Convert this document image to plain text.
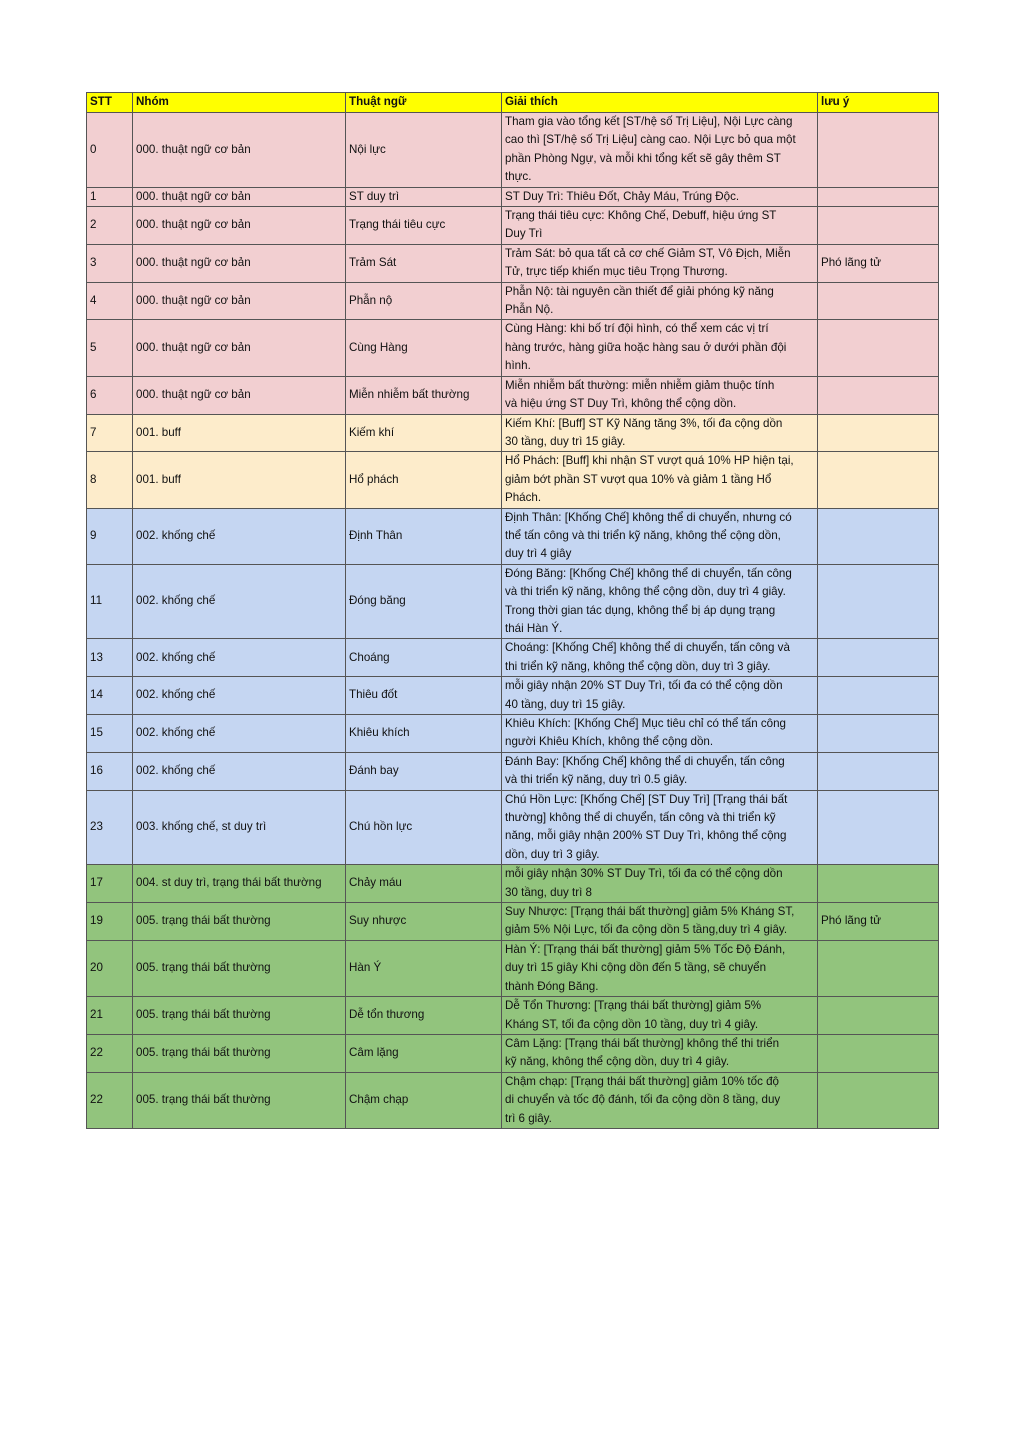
STT	Nhóm	Thuật ngữ	Giải thích	lưu ý
0	000. thuật ngữ cơ bản	Nội lực	Tham gia vào tổng kết [ST/hệ số Trị Liệu], Nội Lực càng
cao thì [ST/hệ số Trị Liệu] càng cao. Nội Lực bỏ qua một
phần Phòng Ngự, và mỗi khi tổng kết sẽ gây thêm ST
thực.	

1	000. thuật ngữ cơ bản	ST duy trì	ST Duy Trì: Thiêu Đốt, Chảy Máu, Trúng Độc.	

2	000. thuật ngữ cơ bản	Trạng thái tiêu cực	Trạng thái tiêu cực: Không Chế, Debuff, hiệu ứng ST
Duy Trì	

3	000. thuật ngữ cơ bản	Trảm Sát	Trảm Sát: bỏ qua tất cả cơ chế Giảm ST, Vô Địch, Miễn
Tử, trực tiếp khiến mục tiêu Trọng Thương.	Phó lãng tử
4	000. thuật ngữ cơ bản	Phẫn nộ	Phẫn Nộ: tài nguyên cần thiết để giải phóng kỹ năng
Phẫn Nộ.	

5	000. thuật ngữ cơ bản	Cùng Hàng	Cùng Hàng: khi bố trí đội hình, có thể xem các vị trí
hàng trước, hàng giữa hoặc hàng sau ở dưới phần đội
hình.	

6	000. thuật ngữ cơ bản	Miễn nhiễm bất thường	Miễn nhiễm bất thường: miễn nhiễm giảm thuộc tính
và hiệu ứng ST Duy Trì, không thể cộng dồn.	

7	001. buff	Kiếm khí	Kiếm Khí: [Buff] ST Kỹ Năng tăng 3%, tối đa cộng dồn
30 tầng, duy trì 15 giây.	

8	001. buff	Hổ phách	Hổ Phách: [Buff] khi nhận ST vượt quá 10% HP hiện tại,
giảm bớt phần ST vượt qua 10% và giảm 1 tầng Hổ
Phách.	

9	002. khống chế	Định Thân	Định Thân: [Khống Chế] không thể di chuyển, nhưng có
thể tấn công và thi triển kỹ năng, không thể cộng dồn,
duy trì 4 giây	

11	002. khống chế	Đóng băng	Đóng Băng: [Khống Chế] không thể di chuyển, tấn công
và thi triển kỹ năng, không thể cộng dồn, duy trì 4 giây.
Trong thời gian tác dụng, không thể bị áp dụng trạng
thái Hàn Ý.	

13	002. khống chế	Choáng	Choáng: [Khống Chế] không thể di chuyển, tấn công và
thi triển kỹ năng, không thể cộng dồn, duy trì 3 giây.	

14	002. khống chế	Thiêu đốt	mỗi giây nhận 20% ST Duy Trì, tối đa có thể cộng dồn
40 tầng, duy trì 15 giây.	

15	002. khống chế	Khiêu khích	Khiêu Khích: [Khống Chế] Mục tiêu chỉ có thể tấn công
người Khiêu Khích, không thể cộng dồn.	

16	002. khống chế	Đánh bay	Đánh Bay: [Khống Chế] không thể di chuyển, tấn công
và thi triển kỹ năng, duy trì 0.5 giây.	

23	003. khống chế, st duy trì	Chú hồn lực	Chú Hồn Lực: [Khống Chế] [ST Duy Trì] [Trạng thái bất
thường] không thể di chuyển, tấn công và thi triển kỹ
năng, mỗi giây nhận 200% ST Duy Trì, không thể cộng
dồn, duy trì 3 giây.	

17	004. st duy trì, trạng thái bất thường	Chảy máu	mỗi giây nhận 30% ST Duy Trì, tối đa có thể cộng dồn
30 tầng, duy trì 8	

19	005. trạng thái bất thường	Suy nhược	Suy Nhược: [Trạng thái bất thường] giảm 5% Kháng ST,
giảm 5% Nội Lực, tối đa cộng dồn 5 tầng,duy trì 4 giây.	Phó lãng tử
20	005. trạng thái bất thường	Hàn Ý	Hàn Ý: [Trạng thái bất thường] giảm 5% Tốc Độ Đánh,
duy trì 15 giây Khi cộng dồn đến 5 tầng, sẽ chuyển
thành Đóng Băng.	

21	005. trạng thái bất thường	Dễ tổn thương	Dễ Tổn Thương: [Trạng thái bất thường] giảm 5%
Kháng ST, tối đa cộng dồn 10 tầng, duy trì 4 giây.	

22	005. trạng thái bất thường	Câm lặng	Câm Lặng: [Trạng thái bất thường] không thể thi triển
kỹ năng, không thể cộng dồn, duy trì 4 giây.	

22	005. trạng thái bất thường	Chậm chạp	Chậm chạp: [Trạng thái bất thường] giảm 10% tốc độ
di chuyển và tốc độ đánh, tối đa cộng dồn 8 tầng, duy
trì 6 giây.	
